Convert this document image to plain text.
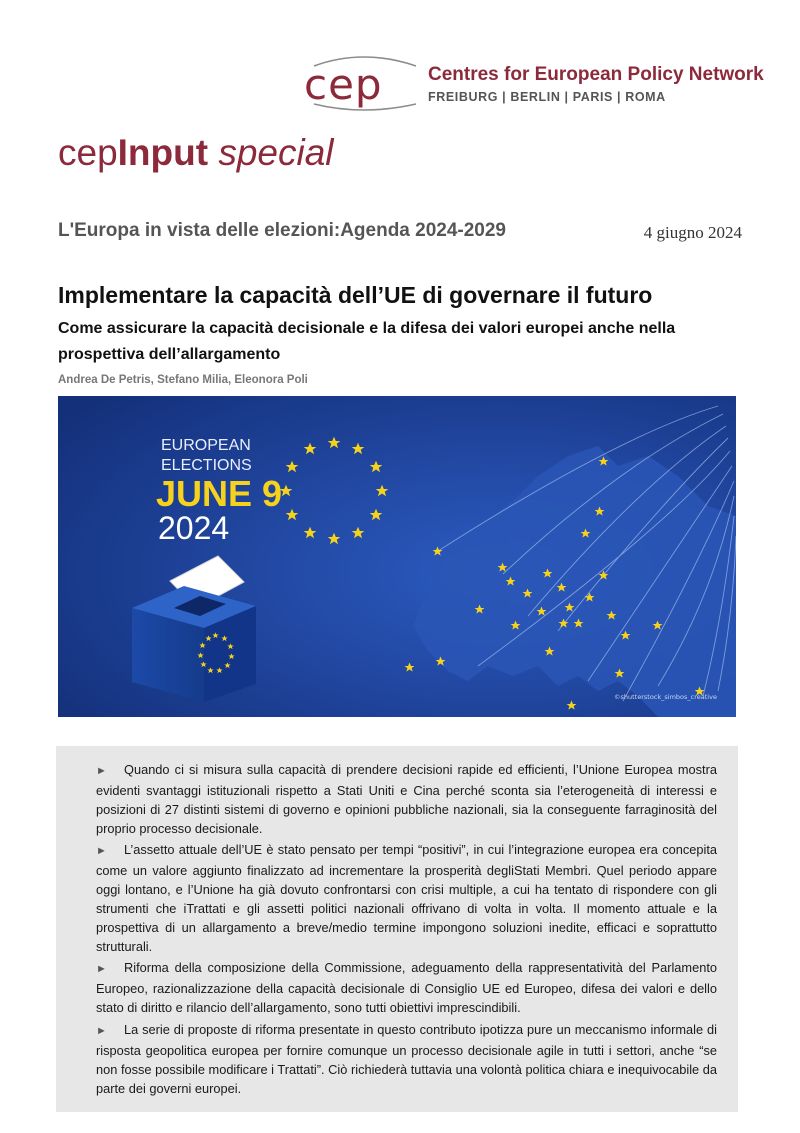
cep Centres for European Policy Network
FREIBURG | BERLIN | PARIS | ROMA
cepInput special
L'Europa in vista delle elezioni:Agenda 2024-2029	4 giugno 2024
Implementare la capacità dell’UE di governare il futuro
Come assicurare la capacità decisionale e la difesa dei valori europei anche nella prospettiva dell’allargamento
Andrea De Petris, Stefano Milia, Eleonora Poli
EUROPEAN
ELECTIONS
JUNE 9
2024
©shutterstock_simbos_creative
► Quando ci si misura sulla capacità di prendere decisioni rapide ed efficienti, l’Unione Europea mostra evidenti svantaggi istituzionali rispetto a Stati Uniti e Cina perché sconta sia l’eterogeneità di interessi e posizioni di 27 distinti sistemi di governo e opinioni pubbliche nazionali, sia la conseguente farraginosità del proprio processo decisionale.
► L’assetto attuale dell’UE è stato pensato per tempi “positivi”, in cui l’integrazione europea era concepita come un valore aggiunto finalizzato ad incrementare la prosperità degliStati Membri. Quel periodo appare oggi lontano, e l’Unione ha già dovuto confrontarsi con crisi multiple, a cui ha tentato di rispondere con gli strumenti che iTrattati e gli assetti politici nazionali offrivano di volta in volta. Il momento attuale e la prospettiva di un allargamento a breve/medio termine impongono soluzioni inedite, efficaci e soprattutto strutturali.
► Riforma della composizione della Commissione, adeguamento della rappresentatività del Parlamento Europeo, razionalizzazione della capacità decisionale di Consiglio UE ed Europeo, difesa dei valori e dello stato di diritto e rilancio dell’allargamento, sono tutti obiettivi imprescindibili.
► La serie di proposte di riforma presentate in questo contributo ipotizza pure un meccanismo informale di risposta geopolitica europea per fornire comunque un processo decisionale agile in tutti i settori, anche “se non fosse possibile modificare i Trattati”. Ciò richiederà tuttavia una volontà politica chiara e inequivocabile da parte dei governi europei.
